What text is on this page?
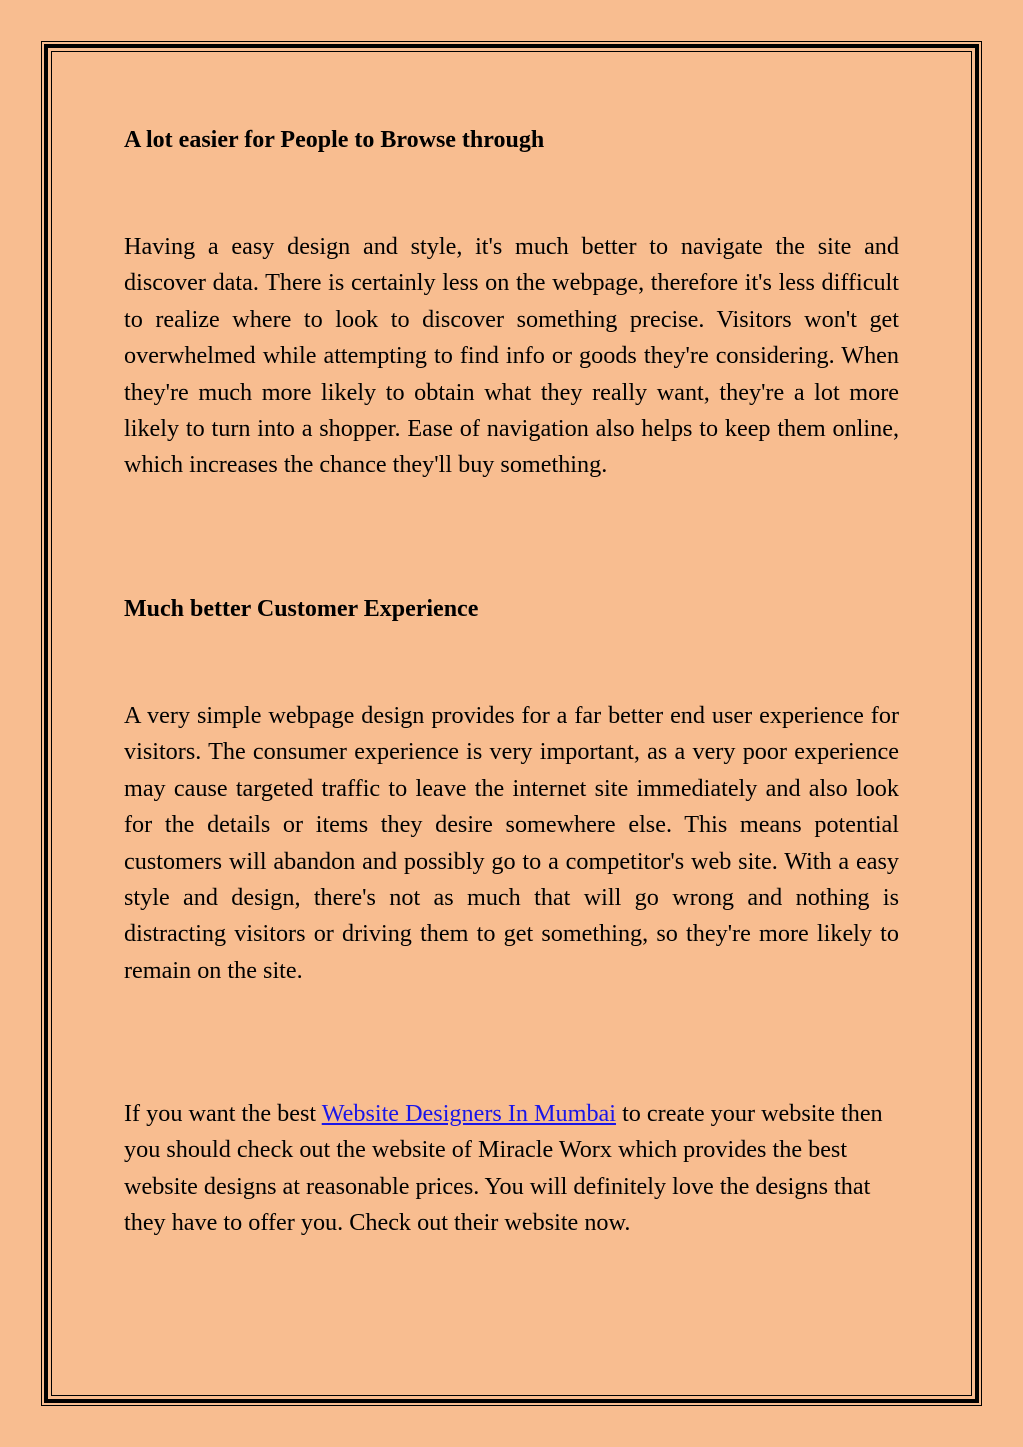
A lot easier for People to Browse through

Having a easy design and style, it's much better to navigate the site and discover data. There is certainly less on the webpage, therefore it's less difficult to realize where to look to discover something precise. Visitors won't get overwhelmed while attempting to find info or goods they're considering. When they're much more likely to obtain what they really want, they're a lot more likely to turn into a shopper. Ease of navigation also helps to keep them online, which increases the chance they'll buy something.

Much better Customer Experience

A very simple webpage design provides for a far better end user experience for visitors. The consumer experience is very important, as a very poor experience may cause targeted traffic to leave the internet site immediately and also look for the details or items they desire somewhere else. This means potential customers will abandon and possibly go to a competitor's web site. With a easy style and design, there's not as much that will go wrong and nothing is distracting visitors or driving them to get something, so they're more likely to remain on the site.

If you want the best Website Designers In Mumbai to create your website then you should check out the website of Miracle Worx which provides the best website designs at reasonable prices. You will definitely love the designs that they have to offer you. Check out their website now.
